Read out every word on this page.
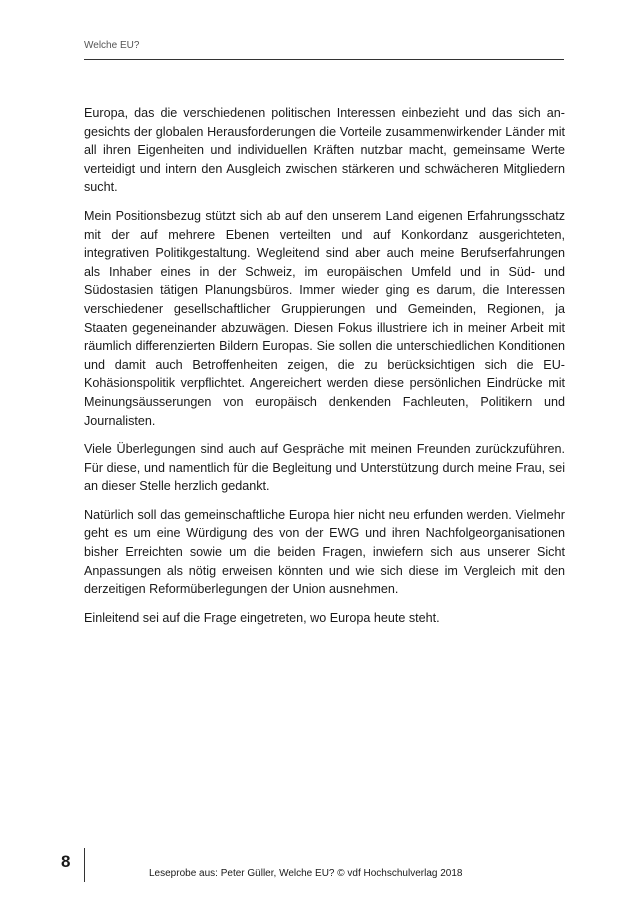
Welche EU?

Europa, das die verschiedenen politischen Interessen einbezieht und das sich angesichts der globalen Herausforderungen die Vorteile zusammenwirkender Länder mit all ihren Eigenheiten und individuellen Kräften nutzbar macht, gemeinsame Werte verteidigt und intern den Ausgleich zwischen stärkeren und schwächeren Mitgliedern sucht.

Mein Positionsbezug stützt sich ab auf den unserem Land eigenen Erfahrungsschatz mit der auf mehrere Ebenen verteilten und auf Konkordanz ausgerichteten, integrativen Politikgestaltung. Wegleitend sind aber auch meine Berufserfahrungen als Inhaber eines in der Schweiz, im europäischen Umfeld und in Süd- und Südostasien tätigen Planungsbüros. Immer wieder ging es darum, die Interessen verschiedener gesellschaftlicher Gruppierungen und Gemeinden, Regionen, ja Staaten gegeneinander abzuwägen. Diesen Fokus illustriere ich in meiner Arbeit mit räumlich differenzierten Bildern Europas. Sie sollen die unterschiedlichen Konditionen und damit auch Betroffenheiten zeigen, die zu berücksichtigen sich die EU-Kohäsionspolitik verpflichtet. Angereichert werden diese persönlichen Eindrücke mit Meinungsäusserungen von europäisch denkenden Fachleuten, Politikern und Journalisten.

Viele Überlegungen sind auch auf Gespräche mit meinen Freunden zurückzuführen. Für diese, und namentlich für die Begleitung und Unterstützung durch meine Frau, sei an dieser Stelle herzlich gedankt.

Natürlich soll das gemeinschaftliche Europa hier nicht neu erfunden werden. Vielmehr geht es um eine Würdigung des von der EWG und ihren Nachfolgeorganisationen bisher Erreichten sowie um die beiden Fragen, inwiefern sich aus unserer Sicht Anpassungen als nötig erweisen könnten und wie sich diese im Vergleich mit den derzeitigen Reformüberlegungen der Union ausnehmen.

Einleitend sei auf die Frage eingetreten, wo Europa heute steht.

8
Leseprobe aus: Peter Güller, Welche EU? © vdf Hochschulverlag 2018
